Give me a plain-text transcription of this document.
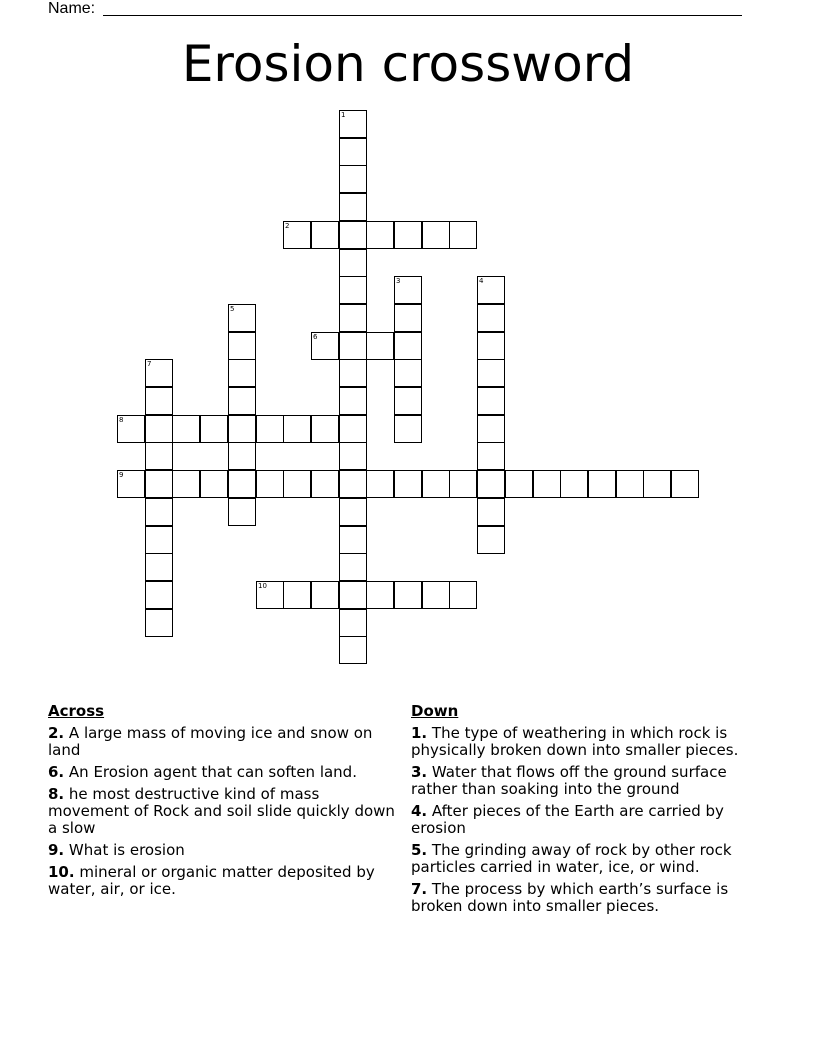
Name:
Erosion crossword
1
2
3	4
5
6
7
8
9
10
Across
2. A large mass of moving ice and snow on land
6. An Erosion agent that can soften land.
8. he most destructive kind of mass movement of Rock and soil slide quickly down a slow
9. What is erosion
10. mineral or organic matter deposited by water, air, or ice.
Down
1. The type of weathering in which rock is physically broken down into smaller pieces.
3. Water that flows off the ground surface rather than soaking into the ground
4. After pieces of the Earth are carried by erosion
5. The grinding away of rock by other rock particles carried in water, ice, or wind.
7. The process by which earth’s surface is broken down into smaller pieces.
